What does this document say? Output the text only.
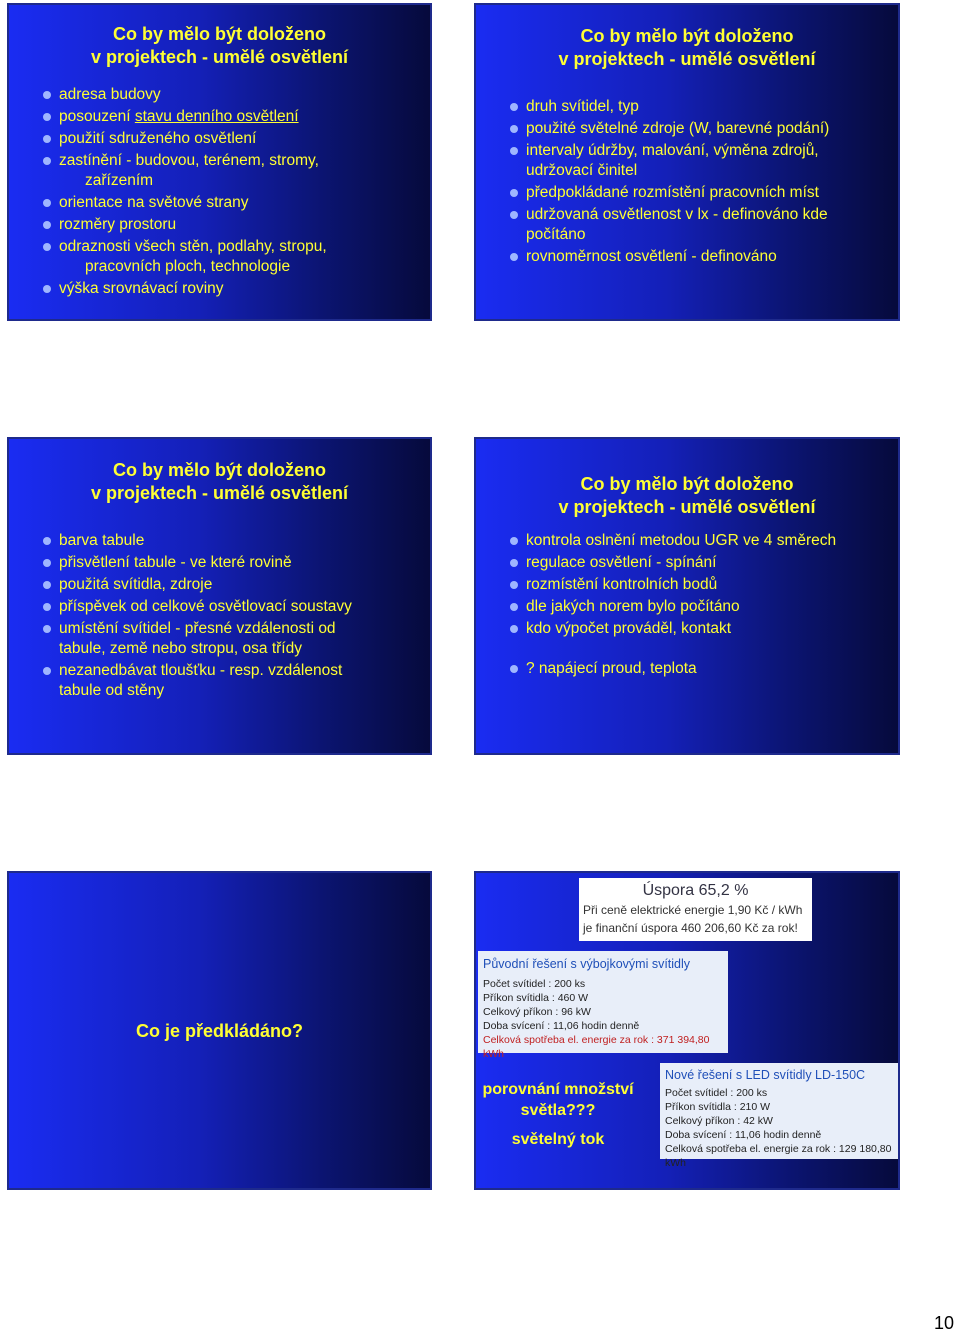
Co by mělo být doloženo
v projektech - umělé osvětlení
adresa budovy
posouzení stavu denního osvětlení
použití sdruženého osvětlení
zastínění - budovou, terénem, stromy,
zařízením
orientace na světové strany
rozměry prostoru
odraznosti všech stěn, podlahy, stropu,
pracovních ploch, technologie
výška srovnávací roviny
Co by mělo být doloženo
v projektech - umělé osvětlení
druh svítidel, typ
použité světelné zdroje (W, barevné podání)
intervaly údržby, malování, výměna zdrojů,
udržovací činitel
předpokládané rozmístění pracovních míst
udržovaná osvětlenost v lx - definováno kde
počítáno
rovnoměrnost osvětlení - definováno
Co by mělo být doloženo
v projektech - umělé osvětlení
barva tabule
přisvětlení tabule - ve které rovině
použitá svítidla, zdroje
příspěvek od celkové osvětlovací soustavy
umístění svítidel - přesné vzdálenosti od
tabule, země nebo stropu, osa třídy
nezanedbávat tloušťku - resp. vzdálenost
tabule od stěny
Co by mělo být doloženo
v projektech - umělé osvětlení
kontrola oslnění metodou UGR ve 4 směrech
regulace osvětlení - spínání
rozmístění kontrolních bodů
dle jakých norem bylo počítáno
kdo výpočet prováděl, kontakt
? napájecí proud, teplota
Co je předkládáno?
Úspora 65,2 %
Při ceně elektrické energie 1,90 Kč / kWh
je finanční úspora 460 206,60 Kč za rok!
Původní řešení s výbojkovými svítidly
Počet svítidel : 200 ks
Příkon svítidla : 460 W
Celkový příkon : 96 kW
Doba svícení : 11,06 hodin denně
Celková spotřeba el. energie za rok : 371 394,80 kWh
Nové řešení s LED svítidly LD-150C
Počet svítidel : 200 ks
Příkon svítidla : 210 W
Celkový příkon : 42 kW
Doba svícení : 11,06 hodin denně
Celková spotřeba el. energie za rok : 129 180,80 kWh
porovnání množství
světla???
světelný tok
10
